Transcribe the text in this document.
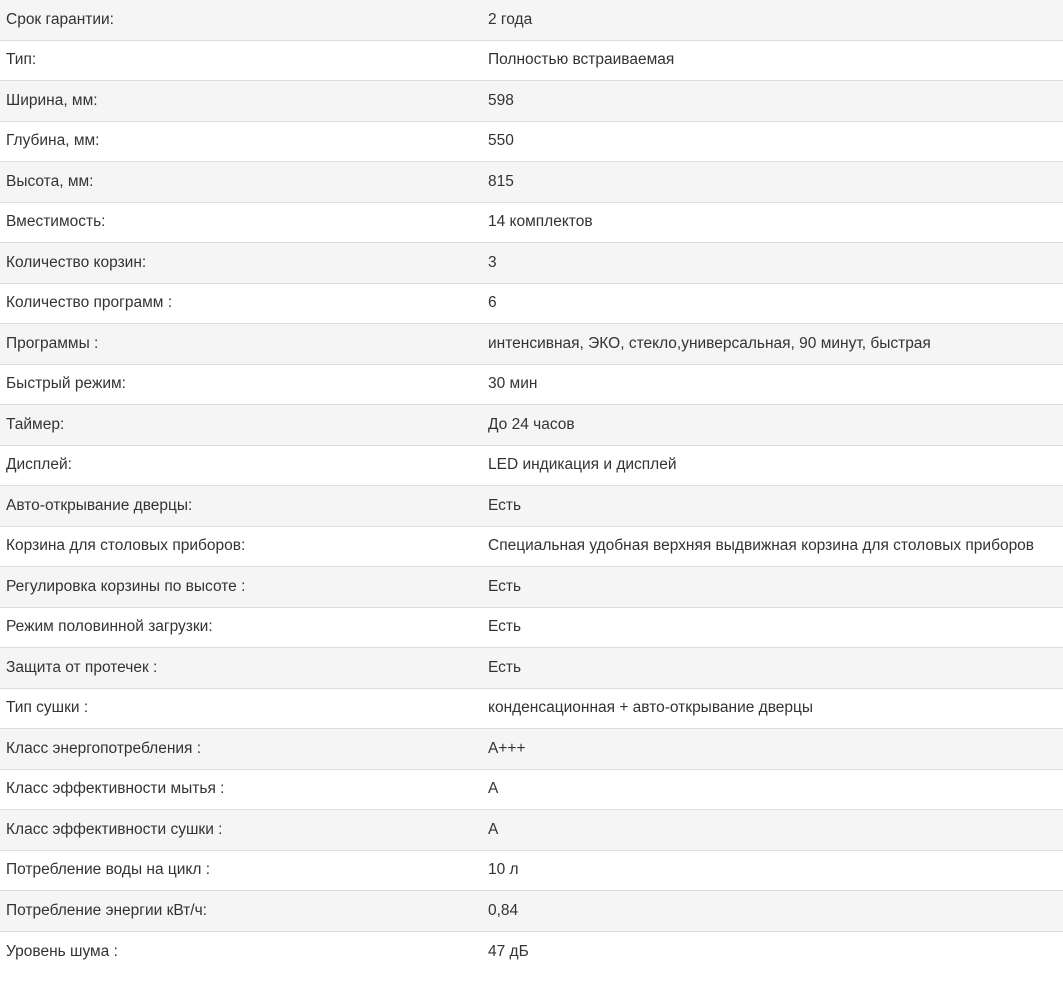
Срок гарантии:	2 года
Тип:	Полностью встраиваемая
Ширина, мм:	598
Глубина, мм:	550
Высота, мм:	815
Вместимость:	14 комплектов
Количество корзин:	3
Количество программ :	6
Программы :	интенсивная, ЭКО, стекло,универсальная, 90 минут, быстрая
Быстрый режим:	30 мин
Таймер:	До 24 часов
Дисплей:	LED индикация и дисплей
Авто-открывание дверцы:	Есть
Корзина для столовых приборов:	Специальная удобная верхняя выдвижная корзина для столовых приборов
Регулировка корзины по высоте :	Есть
Режим половинной загрузки:	Есть
Защита от протечек :	Есть
Тип сушки :	конденсационная + авто-открывание дверцы
Класс энергопотребления :	A+++
Класс эффективности мытья :	A
Класс эффективности сушки :	A
Потребление воды на цикл :	10 л
Потребление энергии кВт/ч:	0,84
Уровень шума :	47 дБ
